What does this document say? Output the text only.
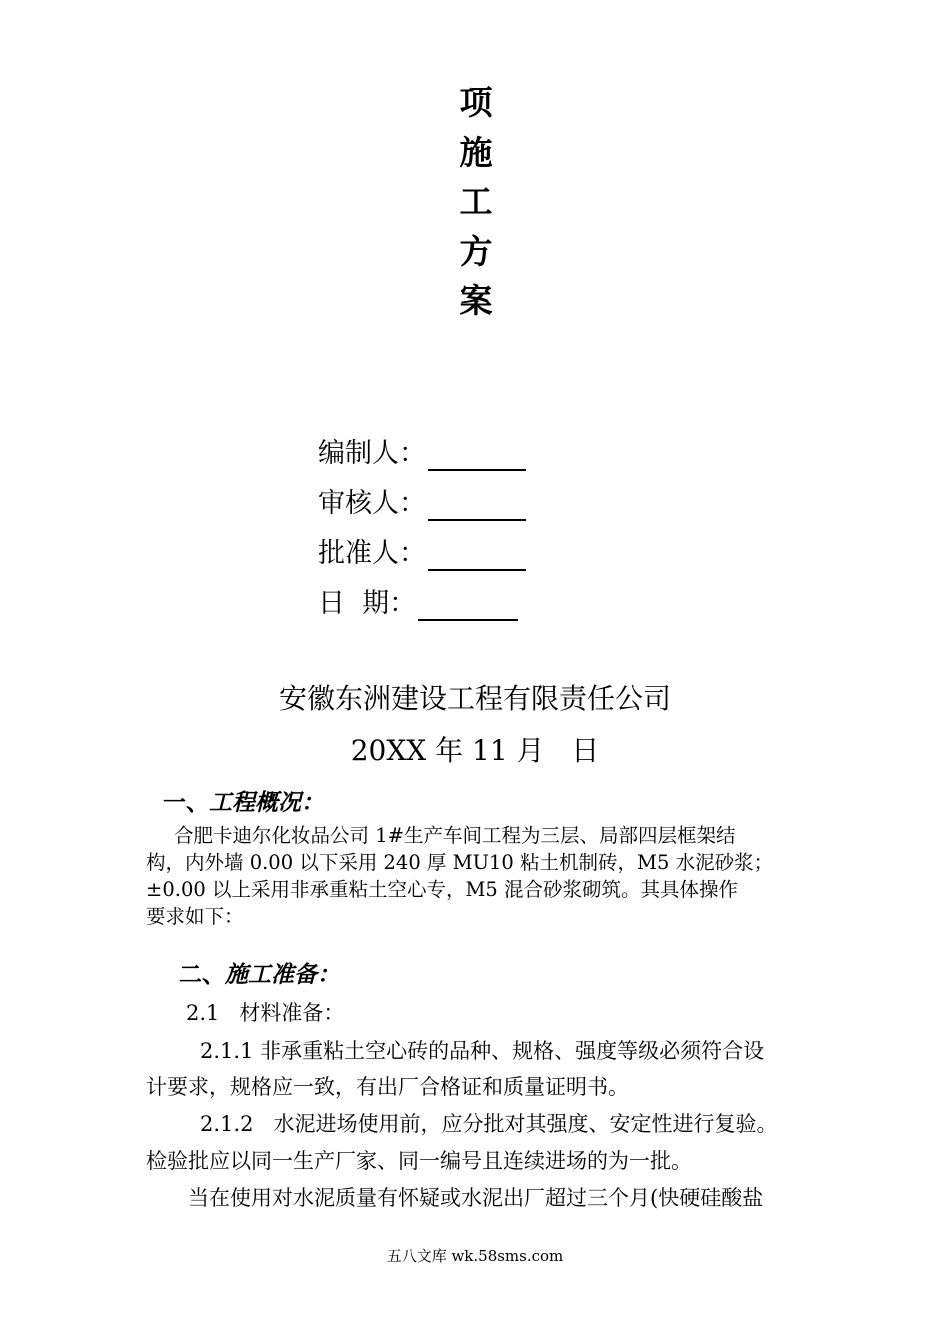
项
施
工
方
案
编制人：
审核人：
批准人：
日  期：
安徽东洲建设工程有限责任公司
20XX 年 11 月   日
一、工程概况：
合肥卡迪尔化妆品公司 1#生产车间工程为三层、局部四层框架结
构，内外墙 0.00 以下采用 240 厚 MU10 粘土机制砖，M5 水泥砂浆；
±0.00 以上采用非承重粘土空心专，M5 混合砂浆砌筑。其具体操作
要求如下：
二、施工准备：
2.1   材料准备：
2.1.1 非承重粘土空心砖的品种、规格、强度等级必须符合设
计要求，规格应一致，有出厂合格证和质量证明书。
2.1.2   水泥进场使用前，应分批对其强度、安定性进行复验。
检验批应以同一生产厂家、同一编号且连续进场的为一批。
当在使用对水泥质量有怀疑或水泥出厂超过三个月(快硬硅酸盐
五八文库 wk.58sms.com
